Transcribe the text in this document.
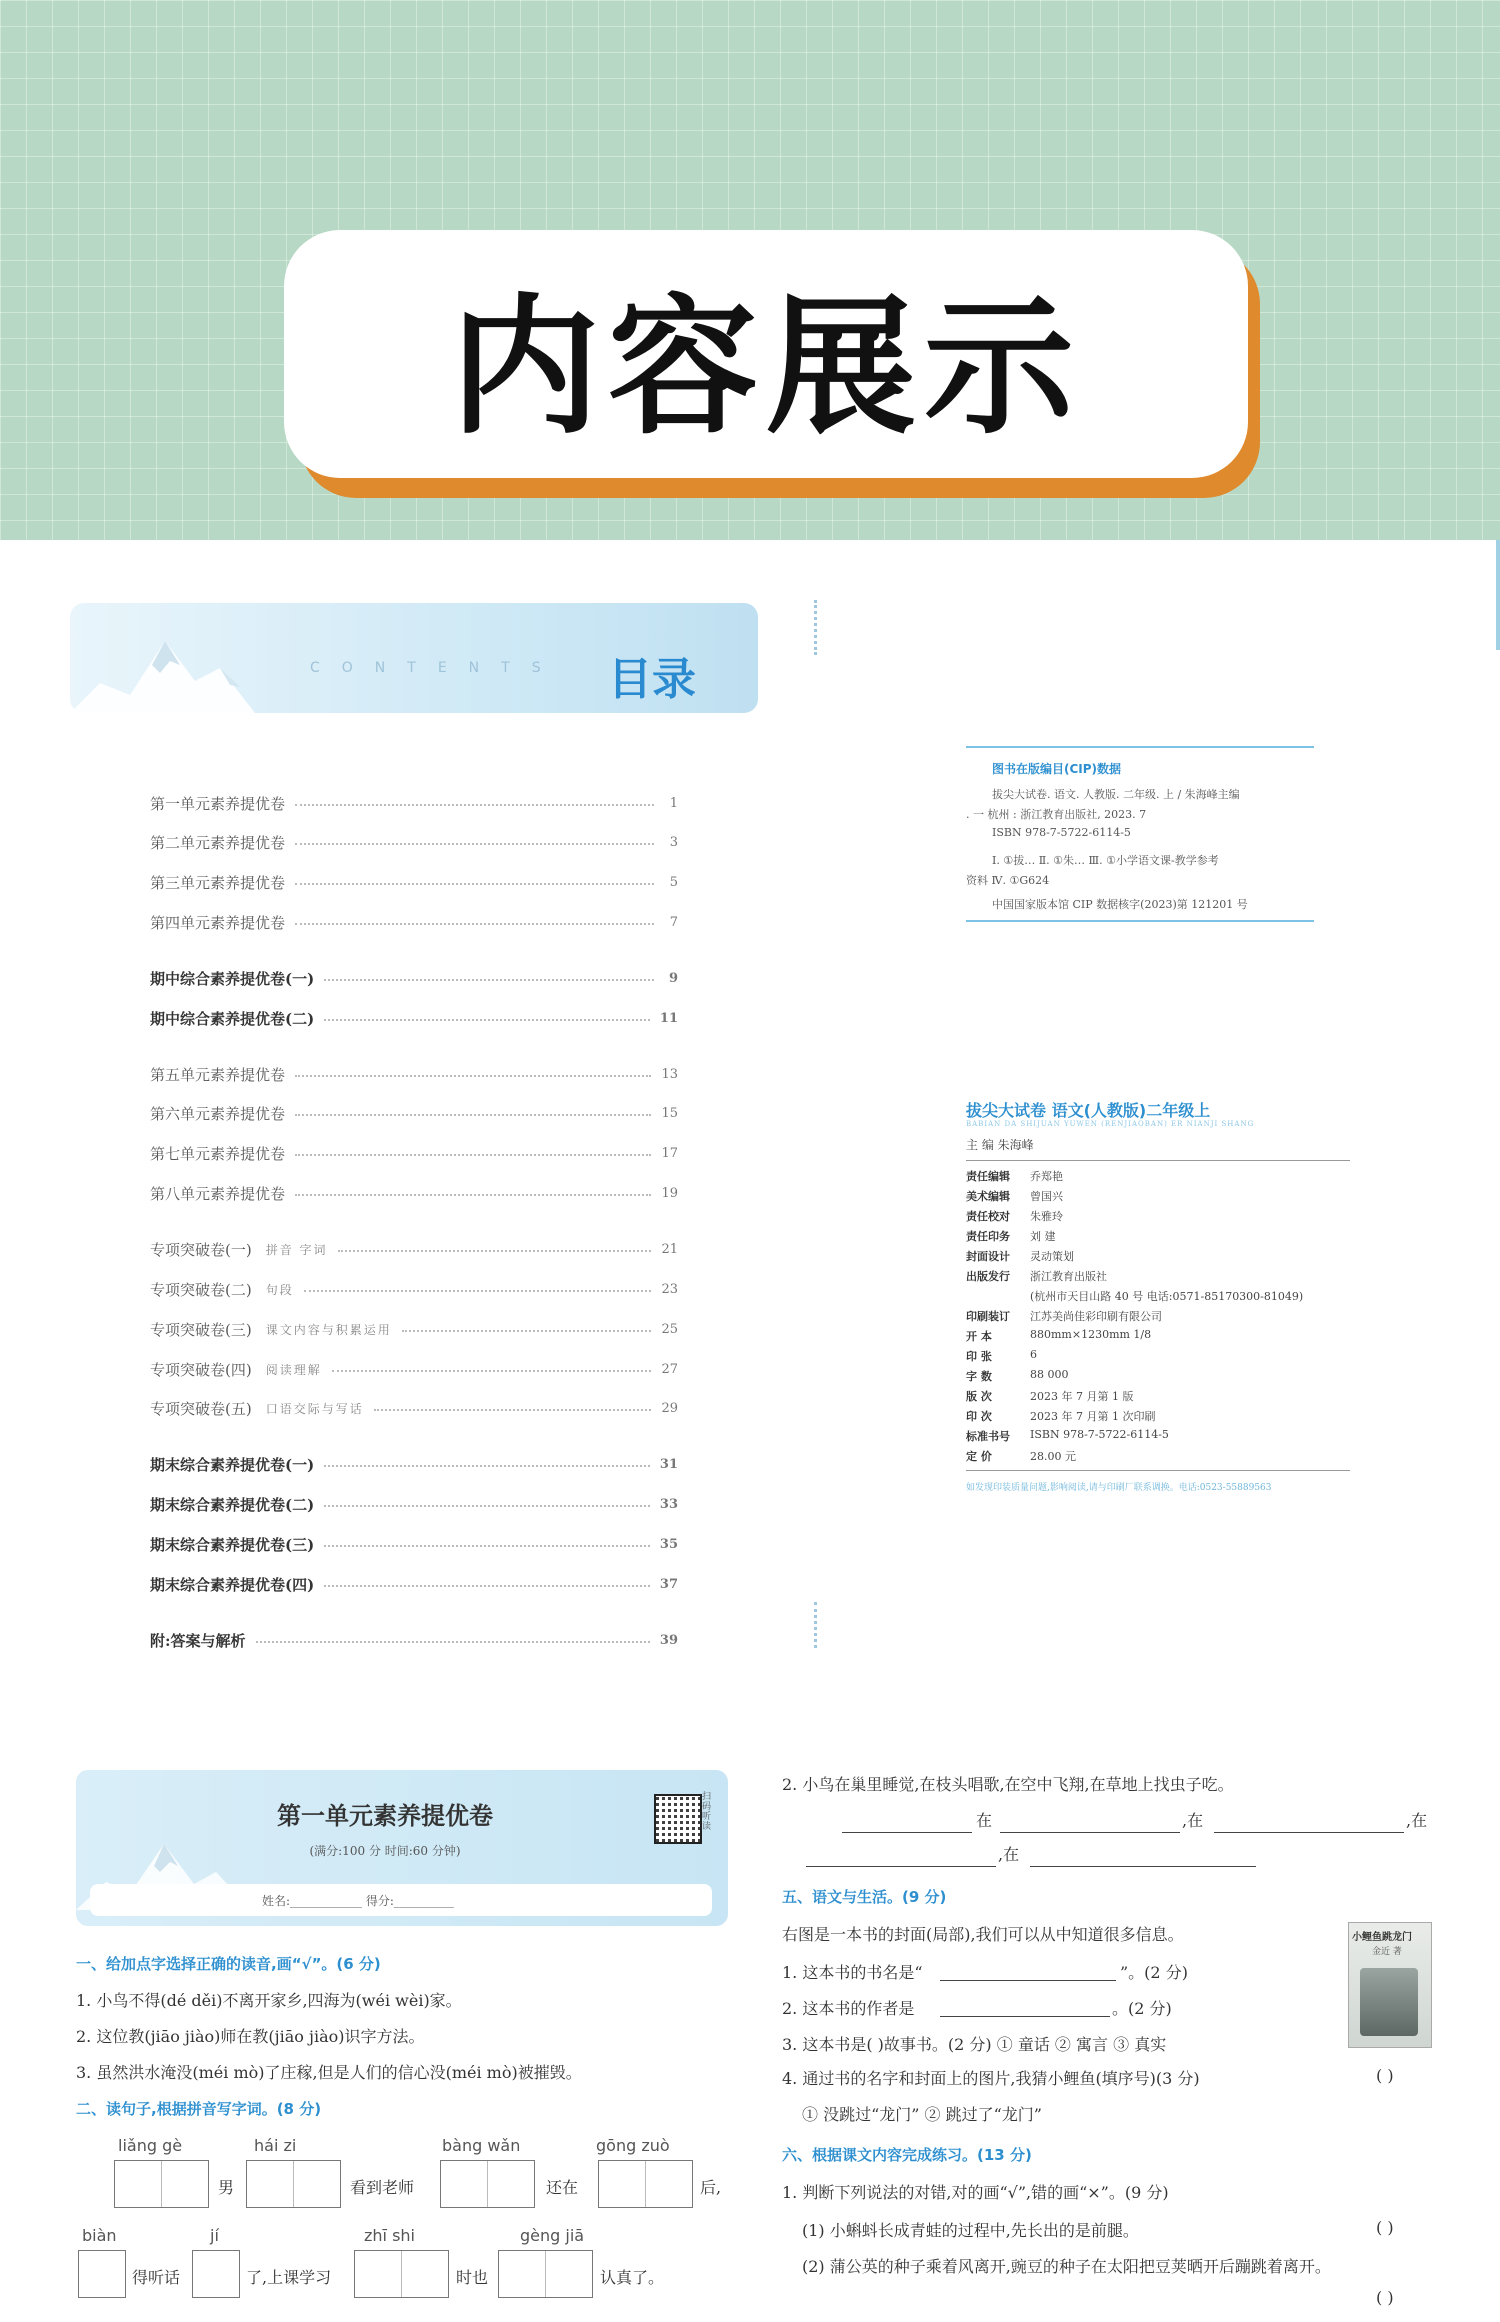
内容展示
CONTENTS 目录
第一单元素养提优卷	1
第二单元素养提优卷	3
第三单元素养提优卷	5
第四单元素养提优卷	7
期中综合素养提优卷(一)	9
期中综合素养提优卷(二)	11
第五单元素养提优卷	13
第六单元素养提优卷	15
第七单元素养提优卷	17
第八单元素养提优卷	19
专项突破卷(一) 拼音 字词	21
专项突破卷(二) 句段	23
专项突破卷(三) 课文内容与积累运用	25
专项突破卷(四) 阅读理解	27
专项突破卷(五) 口语交际与写话	29
期末综合素养提优卷(一)	31
期末综合素养提优卷(二)	33
期末综合素养提优卷(三)	35
期末综合素养提优卷(四)	37
附:答案与解析	39
图书在版编目(CIP)数据
拔尖大试卷. 语文. 人教版. 二年级. 上 / 朱海峰主编
. 一 杭州 : 浙江教育出版社, 2023. 7
ISBN 978-7-5722-6114-5
Ⅰ. ①拔… Ⅱ. ①朱… Ⅲ. ①小学语文课-教学参考
资料 Ⅳ. ①G624
中国国家版本馆 CIP 数据核字(2023)第 121201 号
拔尖大试卷 语文(人教版)二年级上
BABIAN DA SHIJUAN YUWEN (RENJIAOBAN) ER NIANJI SHANG
主 编 朱海峰
责任编辑	乔郑艳
美术编辑	曾国兴
责任校对	朱雅玲
责任印务	刘 建
封面设计	灵动策划
出版发行	浙江教育出版社
(杭州市天目山路 40 号 电话:0571-85170300-81049)
印刷装订	江苏美尚佳彩印刷有限公司
开 本	880mm×1230mm 1/8
印 张	6
字 数	88 000
版 次	2023 年 7 月第 1 版
印 次	2023 年 7 月第 1 次印刷
标准书号	ISBN 978-7-5722-6114-5
定 价	28.00 元
如发现印装质量问题,影响阅读,请与印刷厂联系调换。电话:0523-55889563
第一单元素养提优卷
(满分:100 分 时间:60 分钟)
姓名:____________ 得分:__________
扫码听读
一、给加点字选择正确的读音,画“√”。(6 分)
1. 小鸟不得(dé děi)不离开家乡,四海为(wéi wèi)家。
2. 这位教(jiāo jiào)师在教(jiāo jiào)识字方法。
3. 虽然洪水淹没(méi mò)了庄稼,但是人们的信心没(méi mò)被摧毁。
二、读句子,根据拼音写字词。(8 分)
liǎng gè	hái zi	bàng wǎn	gōng zuò
男	看到老师	还在	后,
biàn	jí	zhī shi	gèng jiā
得听话	了,上课学习	时也	认真了。
2. 小鸟在巢里睡觉,在枝头唱歌,在空中飞翔,在草地上找虫子吃。
在	,在	,在
,在
五、语文与生活。(9 分)
右图是一本书的封面(局部),我们可以从中知道很多信息。
1. 这本书的书名是“	”。(2 分)
2. 这本书的作者是	。(2 分)
3. 这本书是( )故事书。(2 分) ① 童话 ② 寓言 ③ 真实
4. 通过书的名字和封面上的图片,我猜小鲤鱼(填序号)(3 分)	( )
① 没跳过“龙门” ② 跳过了“龙门”
小鲤鱼跳龙门
金近 著
六、根据课文内容完成练习。(13 分)
1. 判断下列说法的对错,对的画“√”,错的画“×”。(9 分)
(1) 小蝌蚪长成青蛙的过程中,先长出的是前腿。	( )
(2) 蒲公英的种子乘着风离开,豌豆的种子在太阳把豆荚晒开后蹦跳着离开。
( )
